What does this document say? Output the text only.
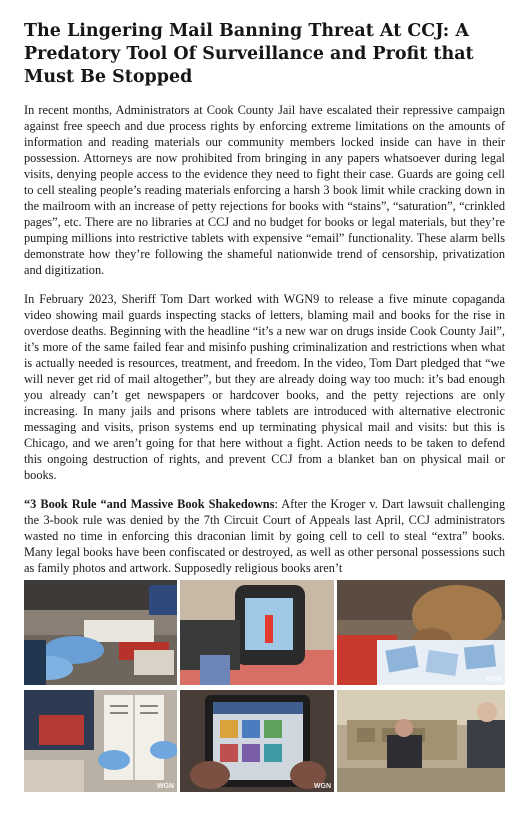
The Lingering Mail Banning Threat At CCJ: A Predatory Tool Of Surveillance and Profit that Must Be Stopped

In recent months, Administrators at Cook County Jail have escalated their repressive campaign against free speech and due process rights by enforcing extreme limitations on the amounts of information and reading materials our community members locked inside can have in their possession. Attorneys are now prohibited from bringing in any papers whatsoever during legal visits, denying people access to the evidence they need to fight their case. Guards are going cell to cell stealing people’s reading materials enforcing a harsh 3 book limit while cracking down in the mailroom with an increase of petty rejections for books with “stains”, “saturation”, “crinkled pages”, etc. There are no libraries at CCJ and no budget for books or legal materials, but they’re pumping millions into restrictive tablets with expensive “email” functionality. These alarm bells demonstrate how they’re following the shameful nationwide trend of censorship, privatization and digitization.

In February 2023, Sheriff Tom Dart worked with WGN9 to release a five minute copaganda video showing mail guards inspecting stacks of letters, blaming mail and books for the rise in overdose deaths. Beginning with the headline “it’s a new war on drugs inside Cook County Jail”, it’s more of the same failed fear and misinfo pushing criminalization and restrictions when what is actually needed is resources, treatment, and freedom. In the video, Tom Dart pledged that “we will never get rid of mail altogether”, but they are already doing way too much: it’s bad enough you already can’t get newspapers or hardcover books, and the petty rejections are only increasing. In many jails and prisons where tablets are introduced with alternative electronic messaging and visits, prison systems end up terminating physical mail and visits: but this is Chicago, and we aren’t going for that here without a fight. Action needs to be taken to defend this ongoing destruction of rights, and prevent CCJ from a blanket ban on physical mail or books.

“3 Book Rule “and Massive Book Shakedowns: After the Kroger v. Dart lawsuit challenging the 3-book rule was denied by the 7th Circuit Court of Appeals last April, CCJ administrators wasted no time in enforcing this draconian limit by going cell to cell to steal “extra” books. Many legal books have been confiscated or destroyed, as well as other personal possessions such as family photos and artwork. Supposedly religious books aren’t

WGN
WGN	WGN
